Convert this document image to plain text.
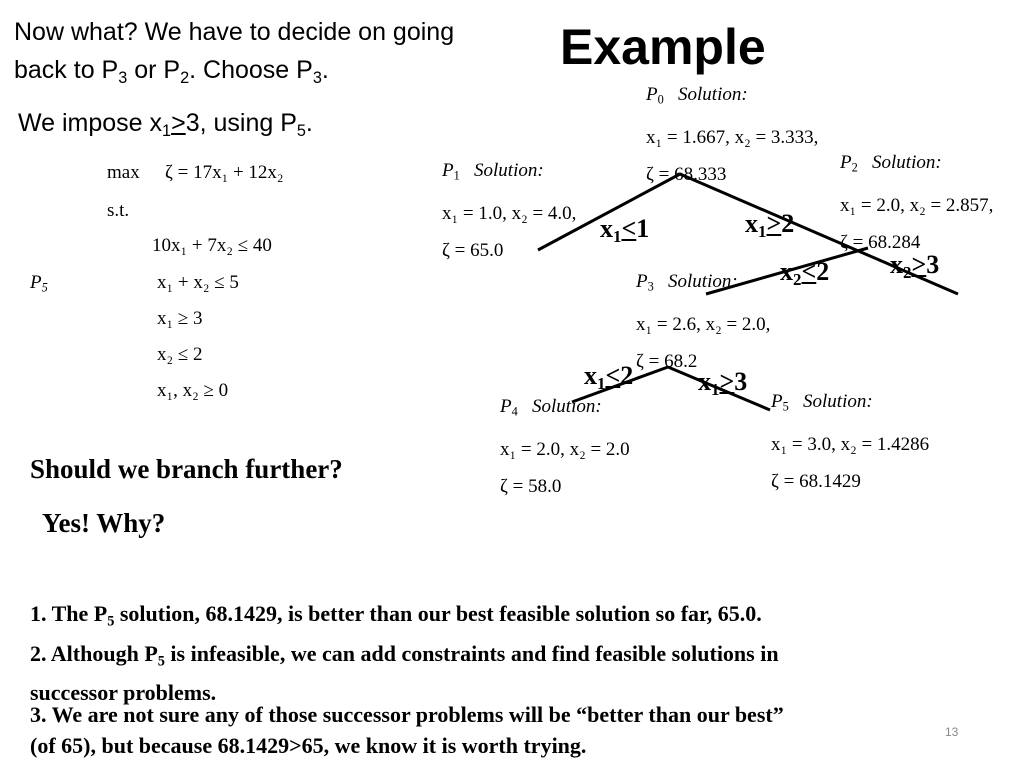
Now what? We have to decide on going
back to $P_3$ or $P_2$. Choose $P_3$.
We impose $x_1>3$, using $P_5$.
Example
max ζ = 17x₁ + 12x₂
s.t.
10x₁ + 7x₂ ≤ 40
$P_5$	x₁ + x₂ ≤ 5
x₁ ≥ 3
x₂ ≤ 2
x₁, x₂ ≥ 0
$P_0$ Solution:
x₁ = 1.667, x₂ = 3.333,
ζ = 68.333
$P_1$ Solution:
x₁ = 1.0, x₂ = 4.0,
ζ = 65.0
$P_2$ Solution:
x₁ = 2.0, x₂ = 2.857,
ζ = 68.284
$P_3$ Solution:
x₁ = 2.6, x₂ = 2.0,
ζ = 68.2
$P_4$ Solution:
x₁ = 2.0, x₂ = 2.0
ζ = 58.0
$P_5$ Solution:
x₁ = 3.0, x₂ = 1.4286
ζ = 68.1429
$x_1<1$	$x_1>2$
$x_2<2$ $x_2>3$
$x_1<2$ $x_1>3$
Should we branch further?
Yes! Why?
1. The $P_5$ solution, 68.1429, is better than our best feasible solution so far, 65.0.
2. Although $P_5$ is infeasible, we can add constraints and find feasible solutions in
successor problems.
3. We are not sure any of those successor problems will be “better than our best”
(of 65), but because 68.1429>65, we know it is worth trying.
13
